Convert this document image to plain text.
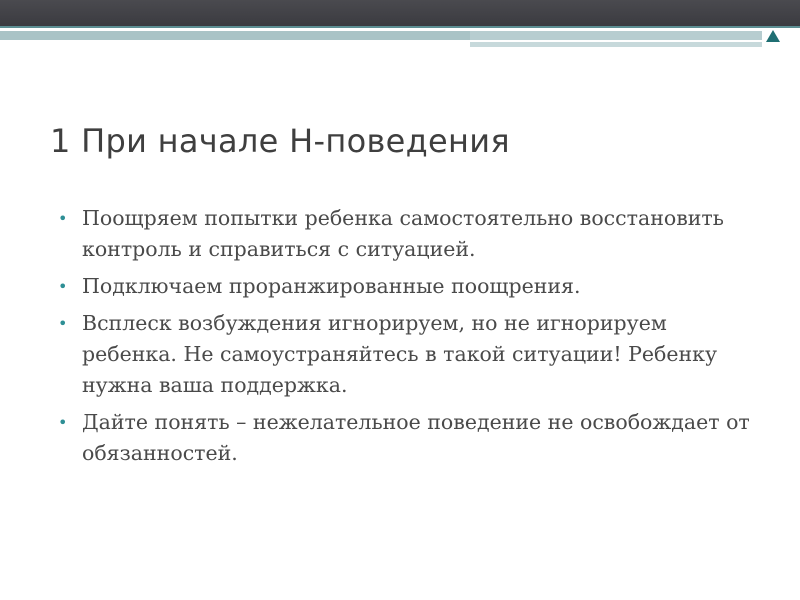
1 При начале Н-поведения
• Поощряем попытки ребенка самостоятельно восстановить контроль и справиться с ситуацией.
• Подключаем проранжированные поощрения.
• Всплеск возбуждения игнорируем, но не игнорируем ребенка. Не самоустраняйтесь в такой ситуации! Ребенку нужна ваша поддержка.
• Дайте понять – нежелательное поведение не освобождает от обязанностей.
